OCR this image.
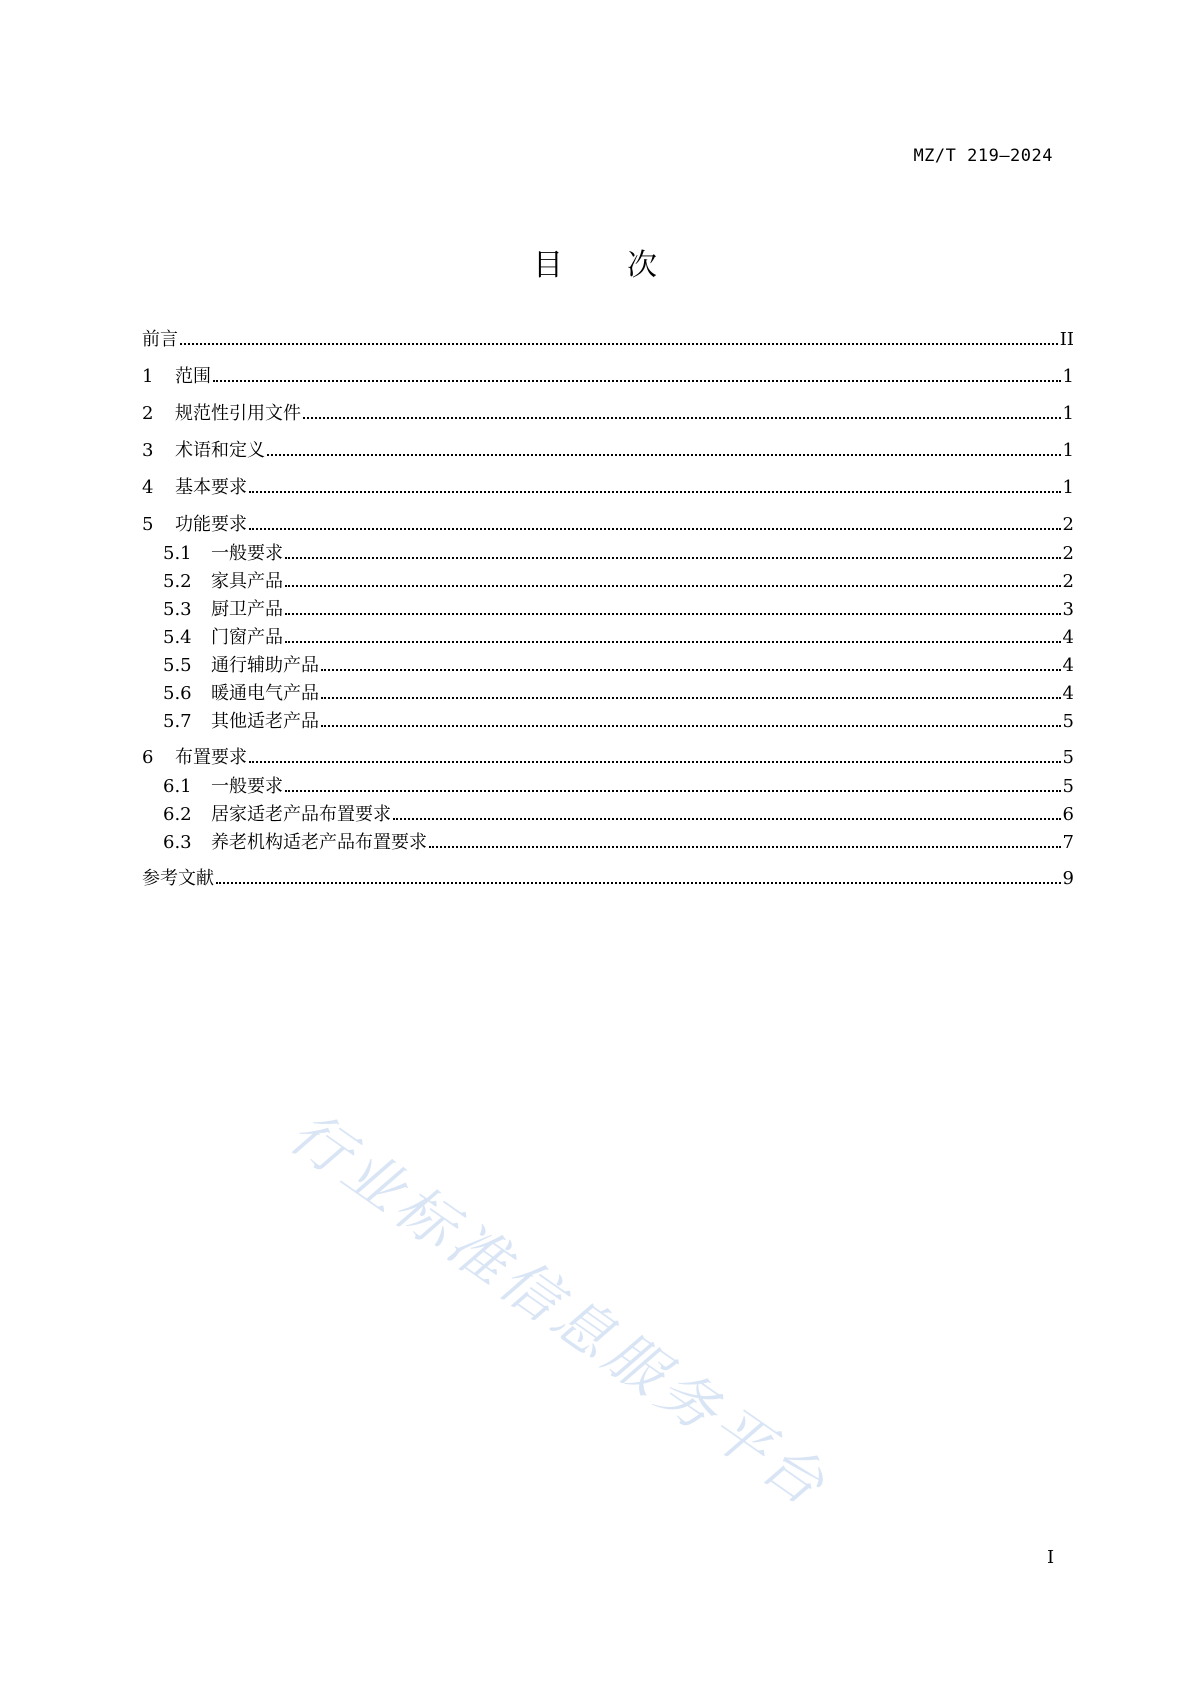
MZ/T 219—2024
目 次
前言	II
1	范围	1
2	规范性引用文件	1
3	术语和定义	1
4	基本要求	1
5	功能要求	2
5.1	一般要求	2
5.2	家具产品	2
5.3	厨卫产品	3
5.4	门窗产品	4
5.5	通行辅助产品	4
5.6	暖通电气产品	4
5.7	其他适老产品	5
6	布置要求	5
6.1	一般要求	5
6.2	居家适老产品布置要求	6
6.3	养老机构适老产品布置要求	7
参考文献	9
行业标准信息服务平台
I
